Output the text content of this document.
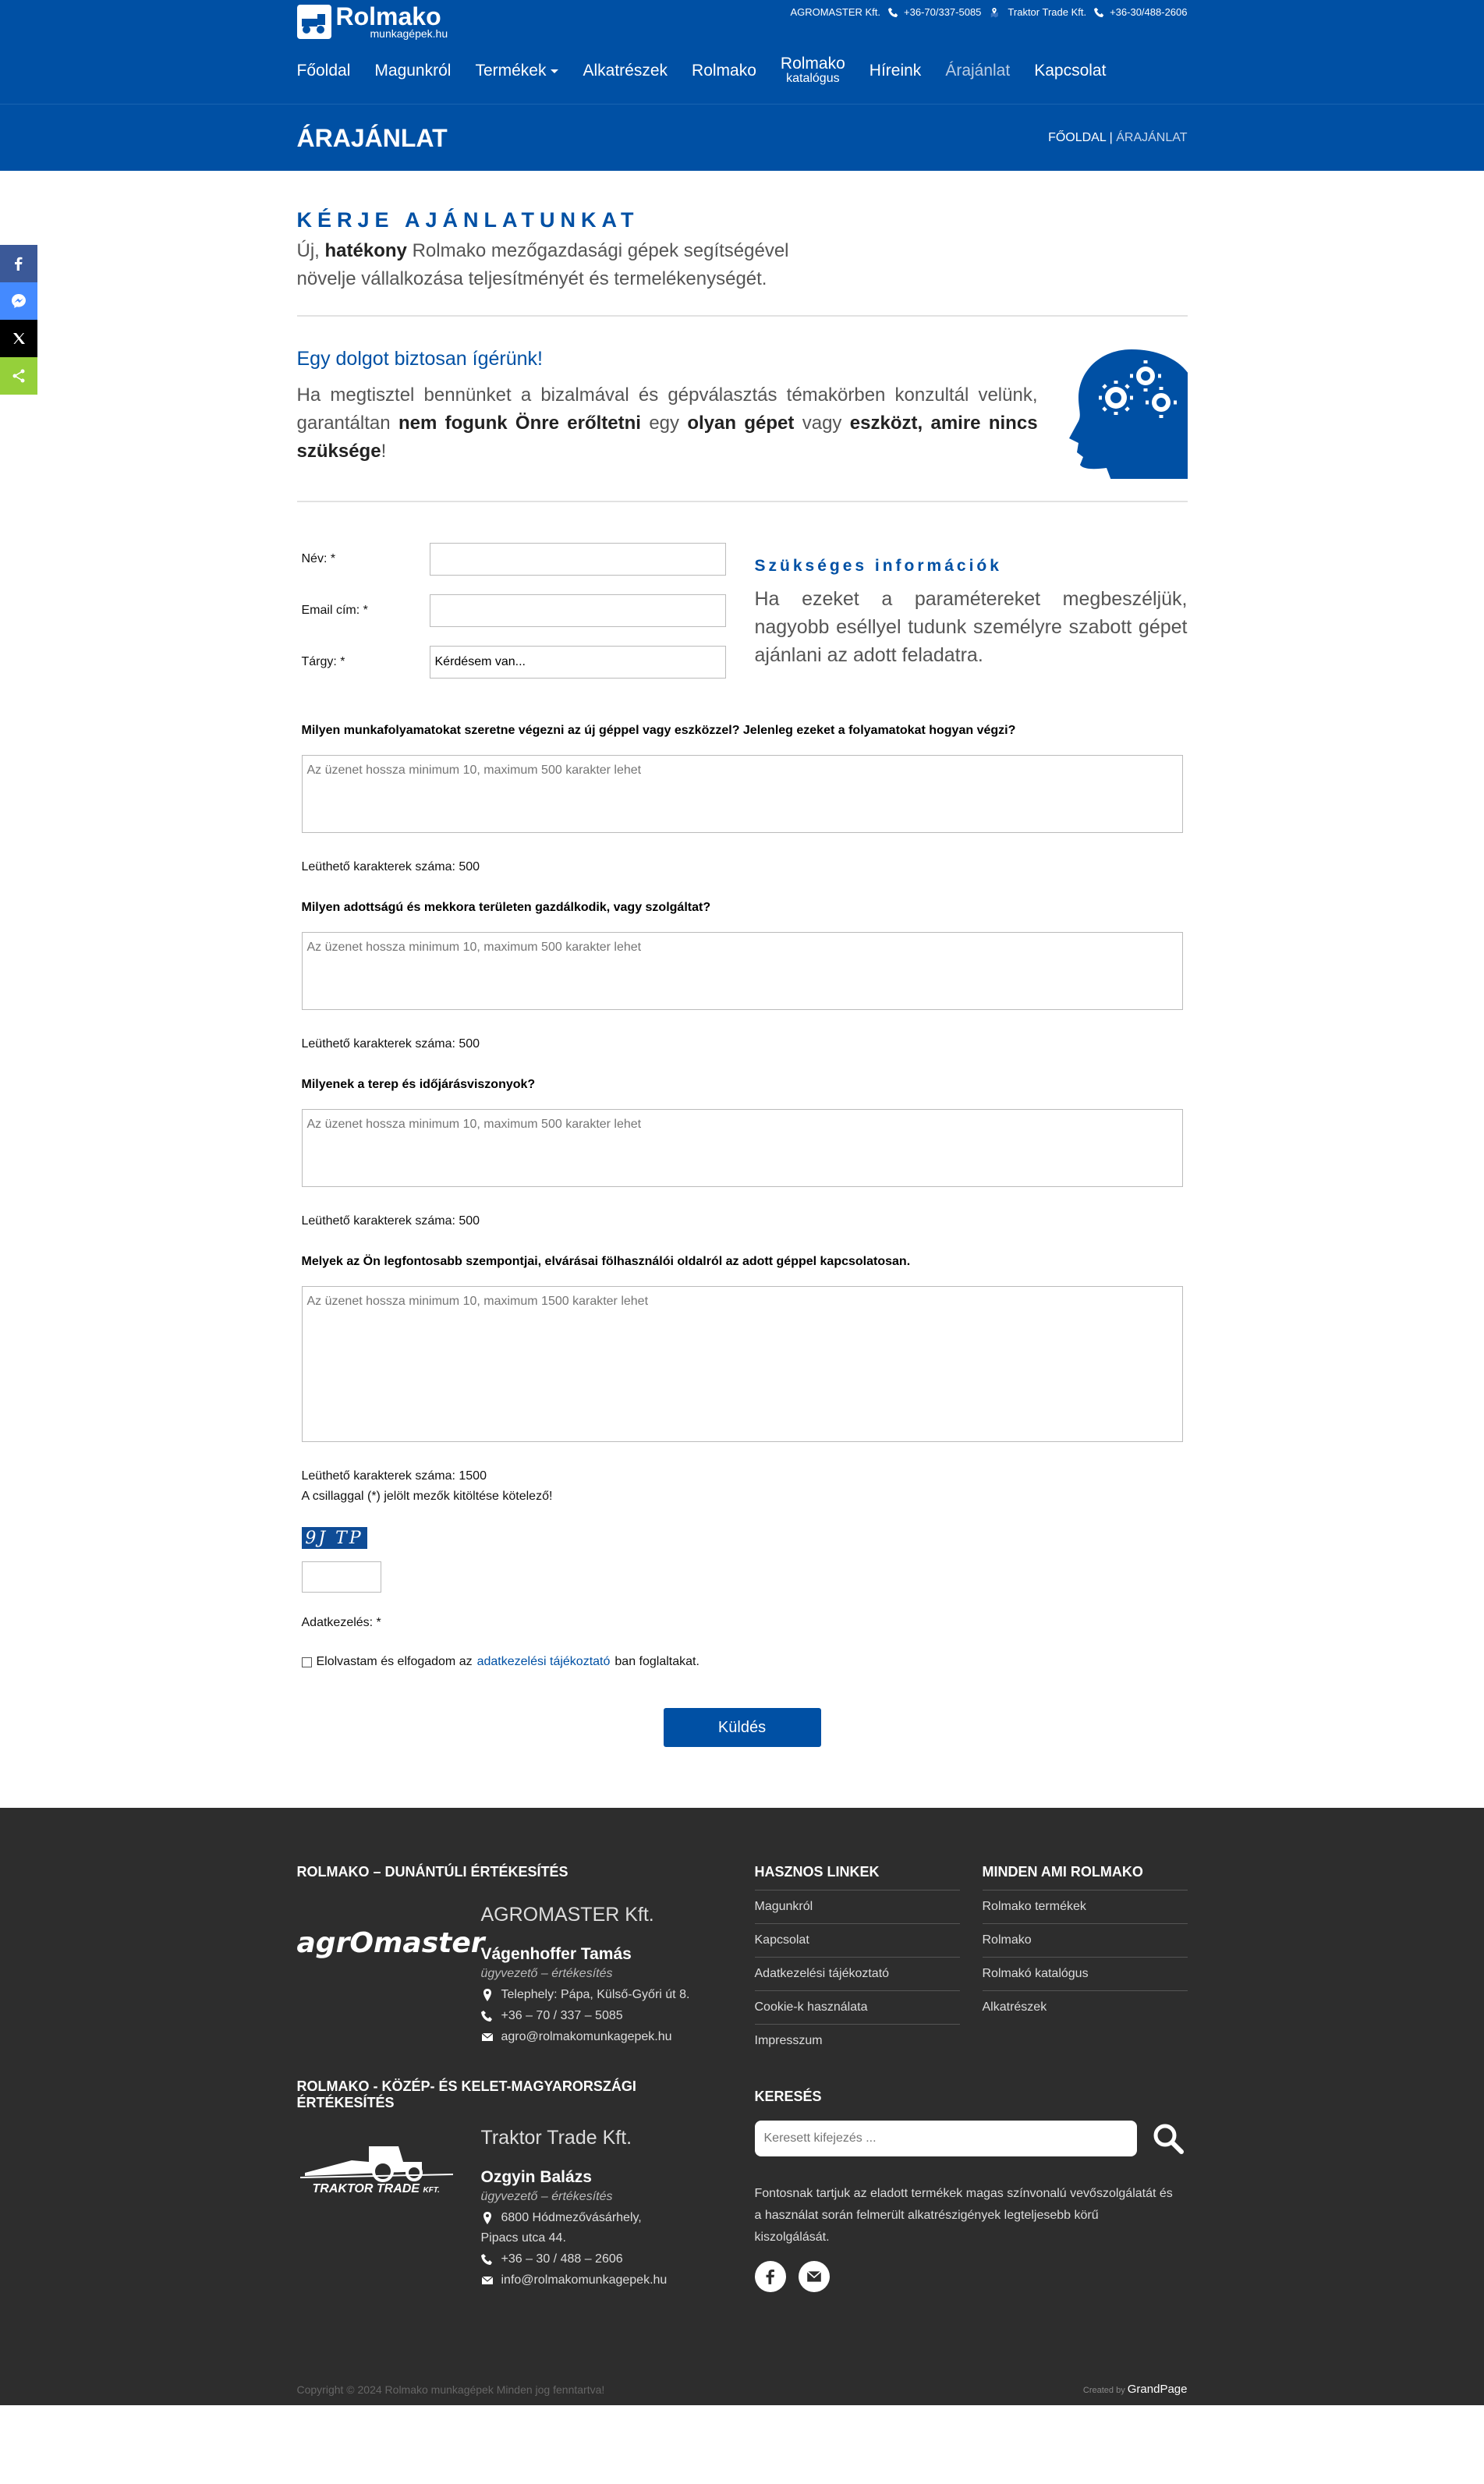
Rolmako
munkagépek.hu
AGROMASTER Kft. +36-70/337-5085	Traktor Trade Kft. +36-30/488-2606
Főoldal Magunkról Termékek Alkatrészek Rolmako Rolmako
katalógus Híreink Árajánlat Kapcsolat
ÁRAJÁNLAT	FŐOLDAL | ÁRAJÁNLAT
KÉRJE AJÁNLATUNKAT

Új, hatékony Rolmako mezőgazdasági gépek segítségével növelje vállalkozása teljesítményét és termelékenységét.

Egy dolgot biztosan ígérünk!

Ha megtisztel bennünket a bizalmával és gépválasztás témakörben konzultál velünk, garantáltan nem fogunk Önre erőltetni egy olyan gépet vagy eszközt, amire nincs szüksége!

Név: *
Email cím: *
Tárgy: *
Kérdésem van...
Szükséges információk

Ha ezeket a paramétereket megbeszéljük, nagyobb eséllyel tudunk személyre szabott gépet ajánlani az adott feladatra.

Milyen munkafolyamatokat szeretne végezni az új géppel vagy eszközzel? Jelenleg ezeket a folyamatokat hogyan végzi?
Az üzenet hossza minimum 10, maximum 500 karakter lehet
Leüthető karakterek száma: 500
Milyen adottságú és mekkora területen gazdálkodik, vagy szolgáltat?
Az üzenet hossza minimum 10, maximum 500 karakter lehet
Leüthető karakterek száma: 500
Milyenek a terep és időjárásviszonyok?
Az üzenet hossza minimum 10, maximum 500 karakter lehet
Leüthető karakterek száma: 500
Melyek az Ön legfontosabb szempontjai, elvárásai fölhasználói oldalról az adott géppel kapcsolatosan.
Az üzenet hossza minimum 10, maximum 1500 karakter lehet
Leüthető karakterek száma: 1500
A csillaggal (*) jelölt mezők kitöltése kötelező!
9J TP
Adatkezelés: *
Elolvastam és elfogadom az adatkezelési tájékoztató ban foglaltakat.
Küldés
ROLMAKO – DUNÁNTÚLI ÉRTÉKESÍTÉS
agrOmaster
AGROMASTER Kft.
Vágenhoffer Tamás
ügyvezető – értékesítés
Telephely: Pápa, Külső-Győri út 8.
+36 – 70 / 337 – 5085
agro@rolmakomunkagepek.hu
ROLMAKO - KÖZÉP- ÉS KELET-MAGYARORSZÁGI ÉRTÉKESÍTÉS
TRAKTOR TRADE KFT.
Traktor Trade Kft.
Ozgyin Balázs
ügyvezető – értékesítés
6800 Hódmezővásárhely,
Pipacs utca 44.
+36 – 30 / 488 – 2606
info@rolmakomunkagepek.hu
HASZNOS LINKEK
Magunkról
Kapcsolat
Adatkezelési tájékoztató
Cookie-k használata
Impresszum
MINDEN AMI ROLMAKO
Rolmako termékek
Rolmako
Rolmakó katalógus
Alkatrészek
KERESÉS
Keresett kifejezés ...
Fontosnak tartjuk az eladott termékek magas színvonalú vevőszolgálatát és a használat során felmerült alkatrészigények legteljesebb körű kiszolgálását.
Copyright © 2024 Rolmako munkagépek Minden jog fenntartva!	Created by GrandPage
